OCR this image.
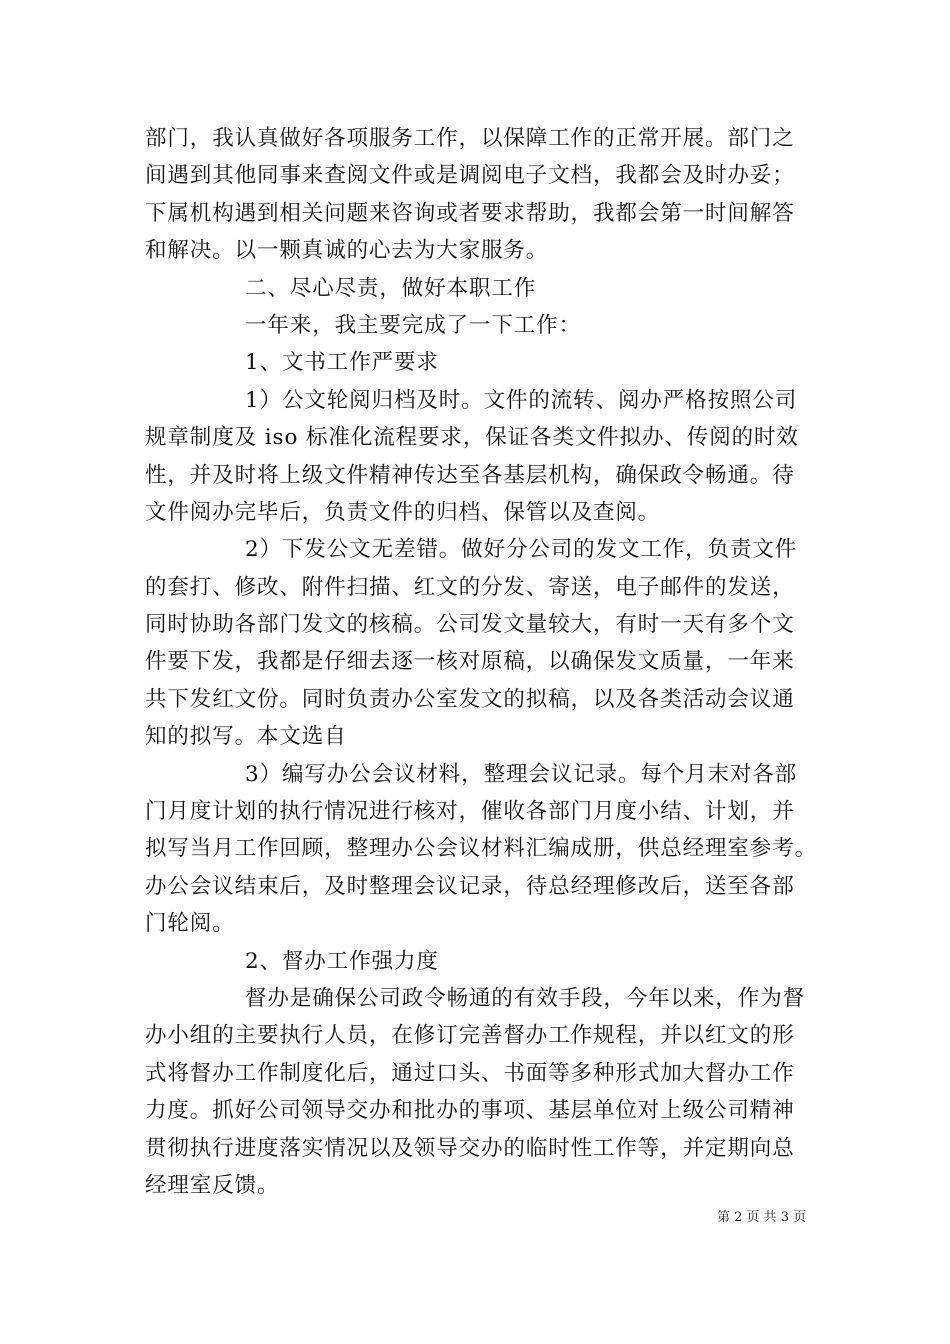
部门，我认真做好各项服务工作，以保障工作的正常开展。部门之
间遇到其他同事来查阅文件或是调阅电子文档，我都会及时办妥；
下属机构遇到相关问题来咨询或者要求帮助，我都会第一时间解答
和解决。以一颗真诚的心去为大家服务。
二、尽心尽责，做好本职工作
一年来，我主要完成了一下工作：
1、文书工作严要求
1）公文轮阅归档及时。文件的流转、阅办严格按照公司
规章制度及 iso 标准化流程要求，保证各类文件拟办、传阅的时效
性，并及时将上级文件精神传达至各基层机构，确保政令畅通。待
文件阅办完毕后，负责文件的归档、保管以及查阅。
2）下发公文无差错。做好分公司的发文工作，负责文件
的套打、修改、附件扫描、红文的分发、寄送，电子邮件的发送，
同时协助各部门发文的核稿。公司发文量较大，有时一天有多个文
件要下发，我都是仔细去逐一核对原稿，以确保发文质量，一年来
共下发红文份。同时负责办公室发文的拟稿，以及各类活动会议通
知的拟写。本文选自
3）编写办公会议材料，整理会议记录。每个月末对各部
门月度计划的执行情况进行核对，催收各部门月度小结、计划，并
拟写当月工作回顾，整理办公会议材料汇编成册，供总经理室参考。
办公会议结束后，及时整理会议记录，待总经理修改后，送至各部
门轮阅。
2、督办工作强力度
督办是确保公司政令畅通的有效手段，今年以来，作为督
办小组的主要执行人员，在修订完善督办工作规程，并以红文的形
式将督办工作制度化后，通过口头、书面等多种形式加大督办工作
力度。抓好公司领导交办和批办的事项、基层单位对上级公司精神
贯彻执行进度落实情况以及领导交办的临时性工作等，并定期向总
经理室反馈。
第 2 页 共 3 页
